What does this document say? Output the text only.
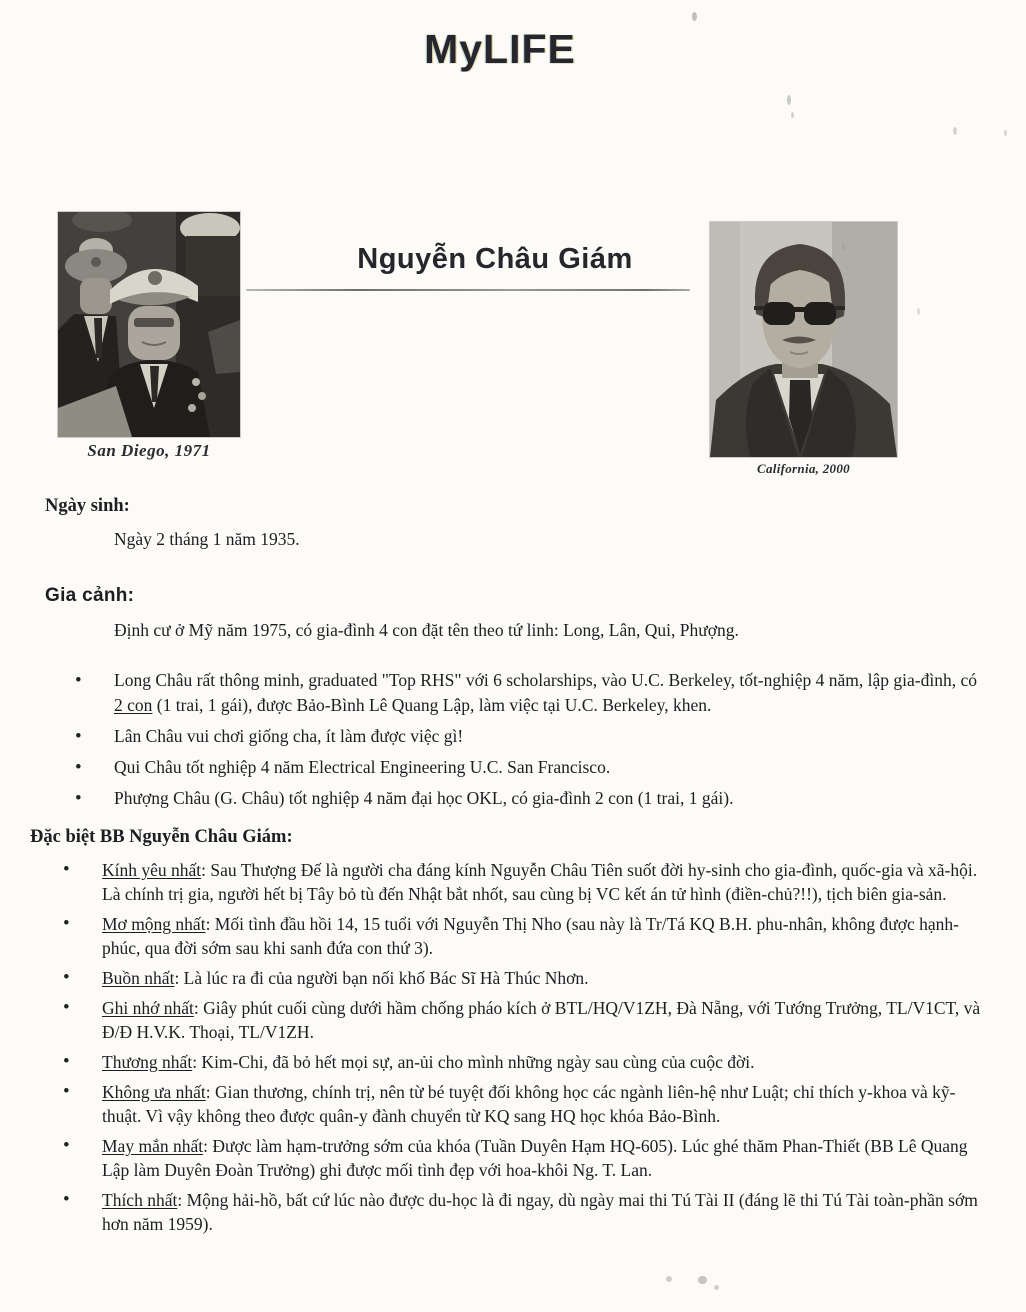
MyLIFE
San Diego, 1971
Nguyễn Châu Giám
California, 2000
Ngày sinh:

Ngày 2 tháng 1 năm 1935.

Gia cảnh:

Định cư ở Mỹ năm 1975, có gia-đình 4 con đặt tên theo tứ linh: Long, Lân, Qui, Phượng.

• Long Châu rất thông minh, graduated "Top RHS" với 6 scholarships, vào U.C. Berkeley, tốt-nghiệp 4 năm, lập gia-đình, có 2 con (1 trai, 1 gái), được Bảo-Bình Lê Quang Lập, làm việc tại U.C. Berkeley, khen.
• Lân Châu vui chơi giống cha, ít làm được việc gì!
• Qui Châu tốt nghiệp 4 năm Electrical Engineering U.C. San Francisco.
• Phượng Châu (G. Châu) tốt nghiệp 4 năm đại học OKL, có gia-đình 2 con (1 trai, 1 gái).
Đặc biệt BB Nguyễn Châu Giám:
• Kính yêu nhất: Sau Thượng Đế là người cha đáng kính Nguyễn Châu Tiên suốt đời hy-sinh cho gia-đình, quốc-gia và xã-hội. Là chính trị gia, người hết bị Tây bỏ tù đến Nhật bắt nhốt, sau cùng bị VC kết án tử hình (điền-chủ?!!), tịch biên gia-sản.
• Mơ mộng nhất: Mối tình đầu hồi 14, 15 tuổi với Nguyễn Thị Nho (sau này là Tr/Tá KQ B.H. phu-nhân, không được hạnh-phúc, qua đời sớm sau khi sanh đứa con thứ 3).
• Buồn nhất: Là lúc ra đi của người bạn nối khố Bác Sĩ Hà Thúc Nhơn.
• Ghi nhớ nhất: Giây phút cuối cùng dưới hầm chống pháo kích ở BTL/HQ/V1ZH, Đà Nẵng, với Tướng Trưởng, TL/V1CT, và Đ/Đ H.V.K. Thoại, TL/V1ZH.
• Thương nhất: Kim-Chi, đã bỏ hết mọi sự, an-ủi cho mình những ngày sau cùng của cuộc đời.
• Không ưa nhất: Gian thương, chính trị, nên từ bé tuyệt đối không học các ngành liên-hệ như Luật; chỉ thích y-khoa và kỹ-thuật. Vì vậy không theo được quân-y đành chuyển từ KQ sang HQ học khóa Bảo-Bình.
• May mắn nhất: Được làm hạm-trưởng sớm của khóa (Tuần Duyên Hạm HQ-605). Lúc ghé thăm Phan-Thiết (BB Lê Quang Lập làm Duyên Đoàn Trưởng) ghi được mối tình đẹp với hoa-khôi Ng. T. Lan.
• Thích nhất: Mộng hải-hồ, bất cứ lúc nào được du-học là đi ngay, dù ngày mai thi Tú Tài II (đáng lẽ thi Tú Tài toàn-phần sớm hơn năm 1959).
